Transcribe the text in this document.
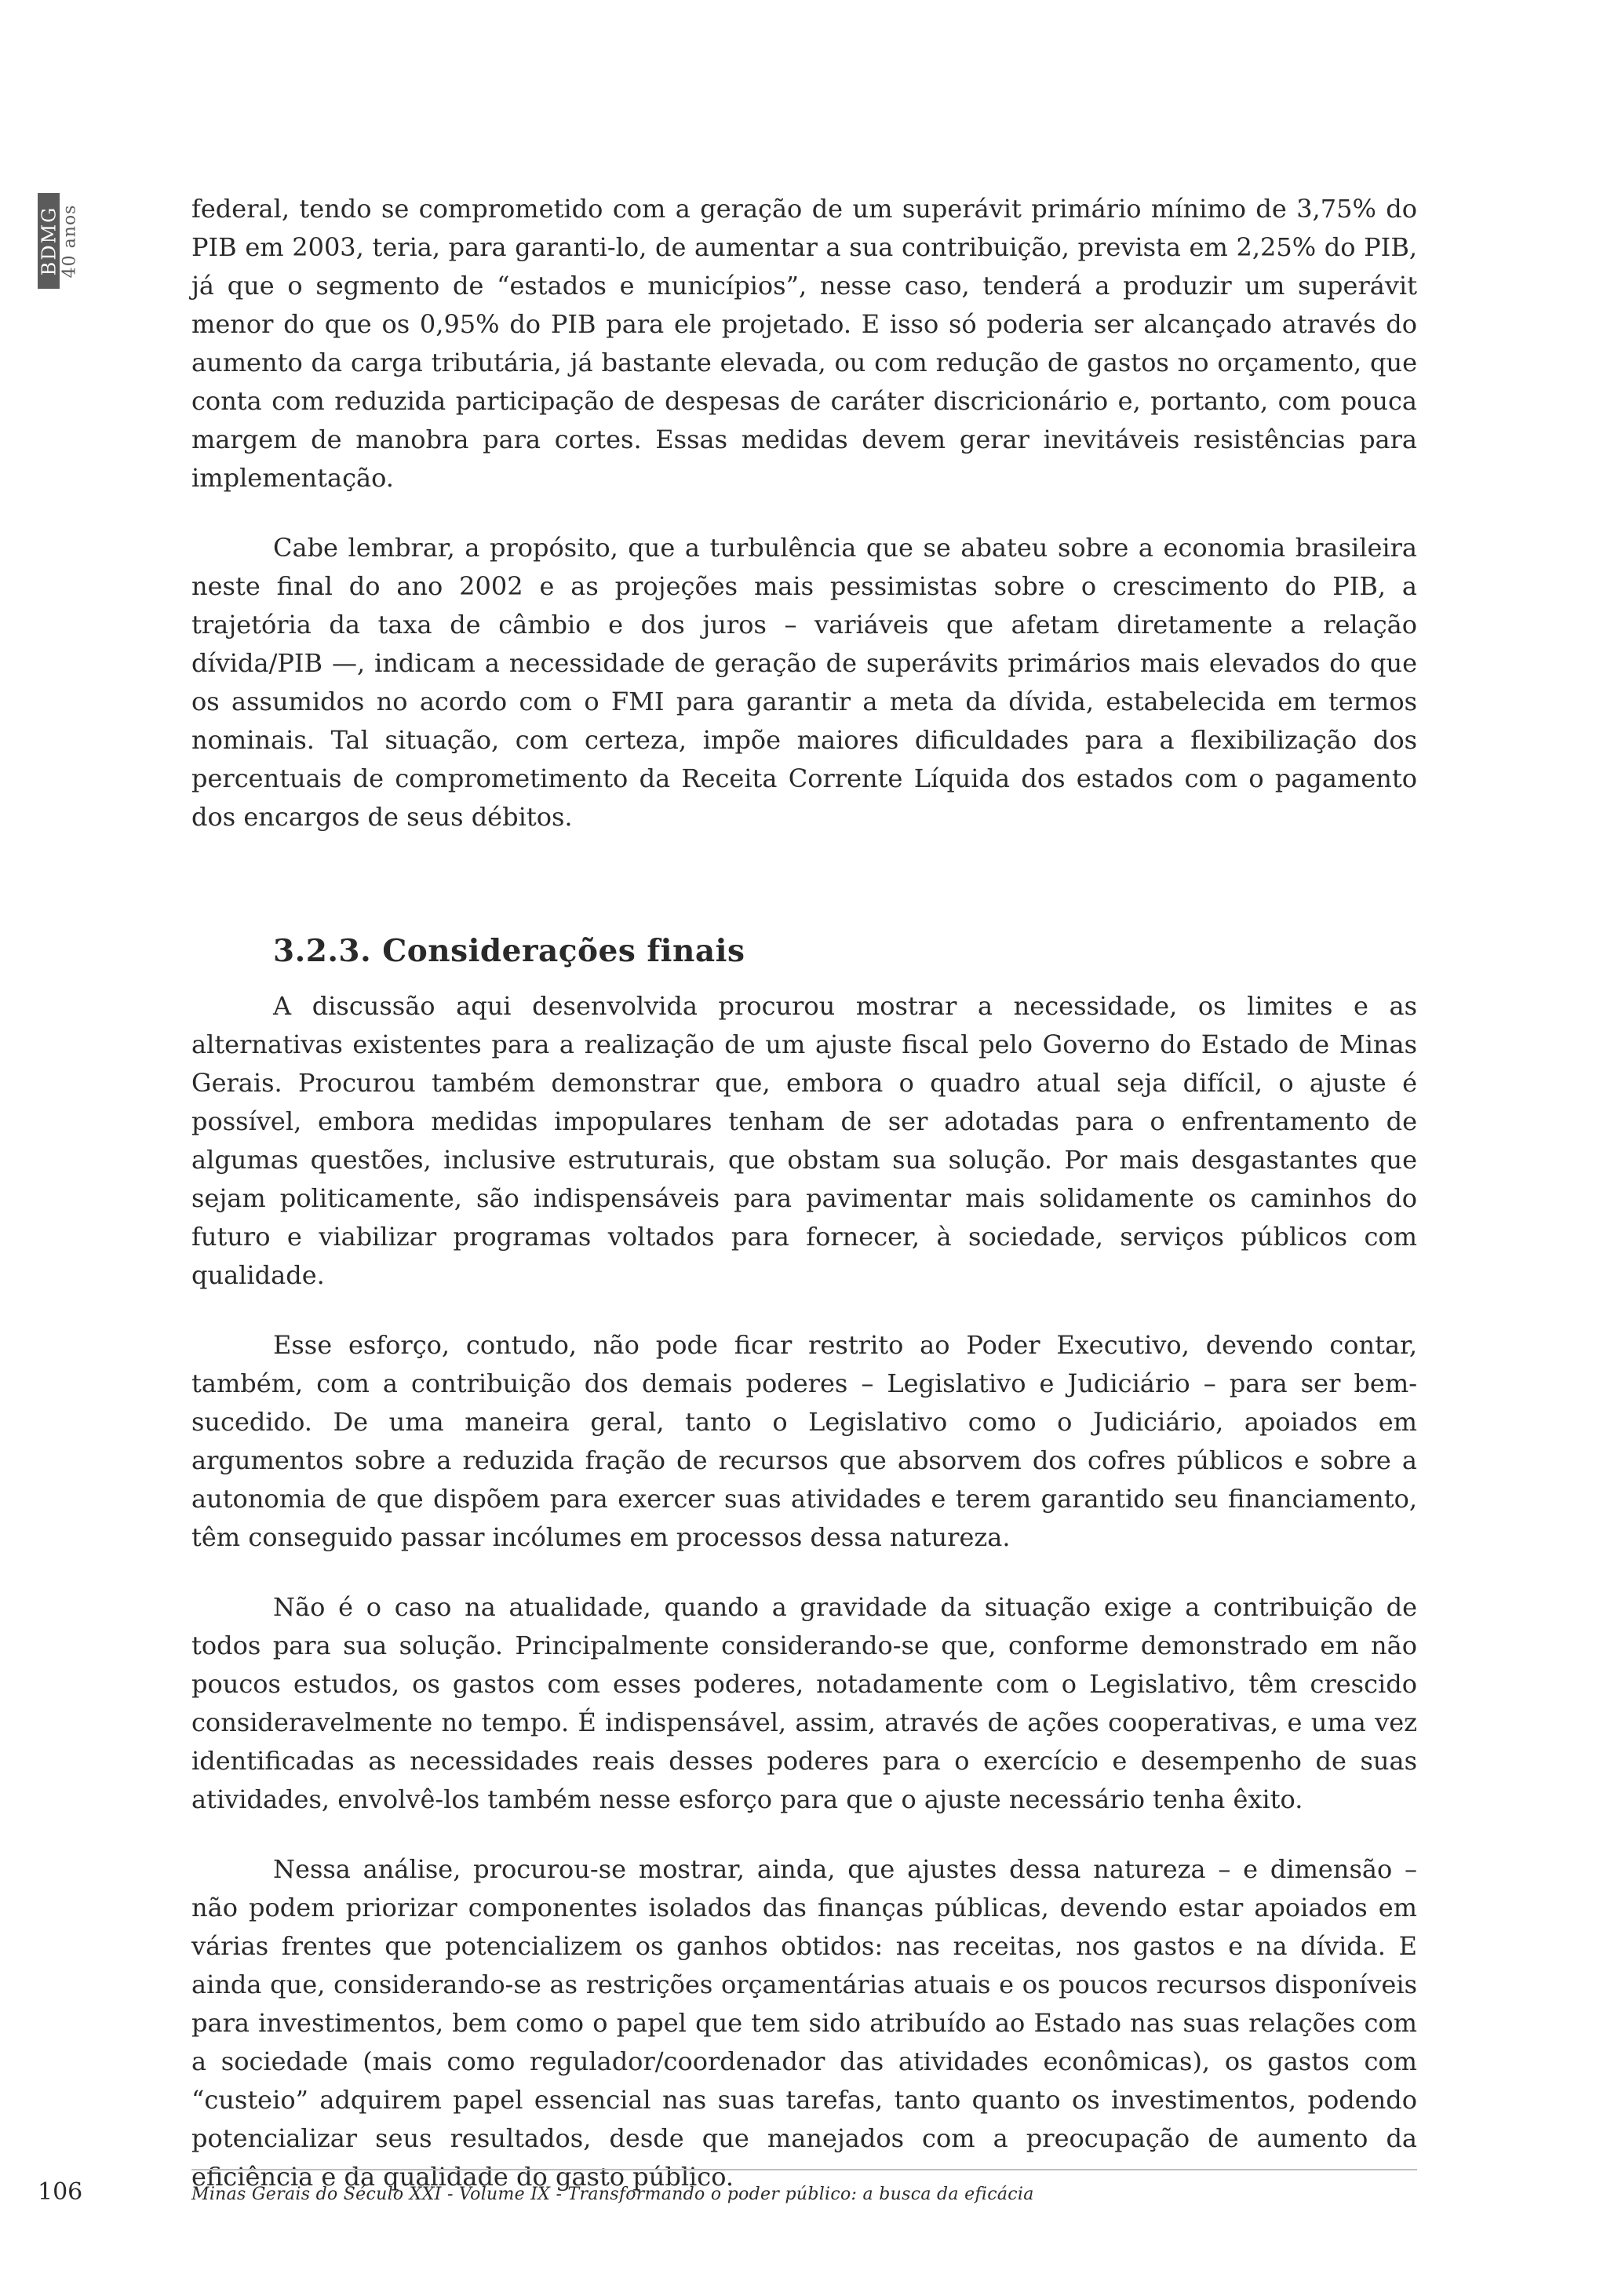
BDMG 40 anos	federal, tendo se comprometido com a geração de um superávit primário mínimo de 3,75% do PIB em 2003, teria, para garanti-lo, de aumentar a sua contribuição, prevista em 2,25% do PIB, já que o segmento de “estados e municípios”, nesse caso, tenderá a produzir um superávit menor do que os 0,95% do PIB para ele projetado. E isso só poderia ser alcançado através do aumento da carga tributária, já bastante elevada, ou com redução de gastos no orçamento, que conta com reduzida participação de despesas de caráter discricionário e, portanto, com pouca margem de manobra para cortes. Essas medidas devem gerar inevitáveis resistências para implementação.

Cabe lembrar, a propósito, que a turbulência que se abateu sobre a economia brasileira neste final do ano 2002 e as projeções mais pessimistas sobre o crescimento do PIB, a trajetória da taxa de câmbio e dos juros – variáveis que afetam diretamente a relação dívida/PIB —, indicam a necessidade de geração de superávits primários mais elevados do que os assumidos no acordo com o FMI para garantir a meta da dívida, estabelecida em termos nominais. Tal situação, com certeza, impõe maiores dificuldades para a flexibilização dos percentuais de comprometimento da Receita Corrente Líquida dos estados com o pagamento dos encargos de seus débitos.

3.2.3. Considerações finais

A discussão aqui desenvolvida procurou mostrar a necessidade, os limites e as alternativas existentes para a realização de um ajuste fiscal pelo Governo do Estado de Minas Gerais. Procurou também demonstrar que, embora o quadro atual seja difícil, o ajuste é possível, embora medidas impopulares tenham de ser adotadas para o enfrentamento de algumas questões, inclusive estruturais, que obstam sua solução. Por mais desgastantes que sejam politicamente, são indispensáveis para pavimentar mais solidamente os caminhos do futuro e viabilizar programas voltados para fornecer, à sociedade, serviços públicos com qualidade.

Esse esforço, contudo, não pode ficar restrito ao Poder Executivo, devendo contar, também, com a contribuição dos demais poderes – Legislativo e Judiciário – para ser bem-sucedido. De uma maneira geral, tanto o Legislativo como o Judiciário, apoiados em argumentos sobre a reduzida fração de recursos que absorvem dos cofres públicos e sobre a autonomia de que dispõem para exercer suas atividades e terem garantido seu financiamento, têm conseguido passar incólumes em processos dessa natureza.

Não é o caso na atualidade, quando a gravidade da situação exige a contribuição de todos para sua solução. Principalmente considerando-se que, conforme demonstrado em não poucos estudos, os gastos com esses poderes, notadamente com o Legislativo, têm crescido consideravelmente no tempo. É indispensável, assim, através de ações cooperativas, e uma vez identificadas as necessidades reais desses poderes para o exercício e desempenho de suas atividades, envolvê-los também nesse esforço para que o ajuste necessário tenha êxito.

Nessa análise, procurou-se mostrar, ainda, que ajustes dessa natureza – e dimensão – não podem priorizar componentes isolados das finanças públicas, devendo estar apoiados em várias frentes que potencializem os ganhos obtidos: nas receitas, nos gastos e na dívida. E ainda que, considerando-se as restrições orçamentárias atuais e os poucos recursos disponíveis para investimentos, bem como o papel que tem sido atribuído ao Estado nas suas relações com a sociedade (mais como regulador/coordenador das atividades econômicas), os gastos com “custeio” adquirem papel essencial nas suas tarefas, tanto quanto os investimentos, podendo potencializar seus resultados, desde que manejados com a preocupação de aumento da eficiência e da qualidade do gasto público.

106	Minas Gerais do Século XXI - Volume IX - Transformando o poder público: a busca da eficácia
